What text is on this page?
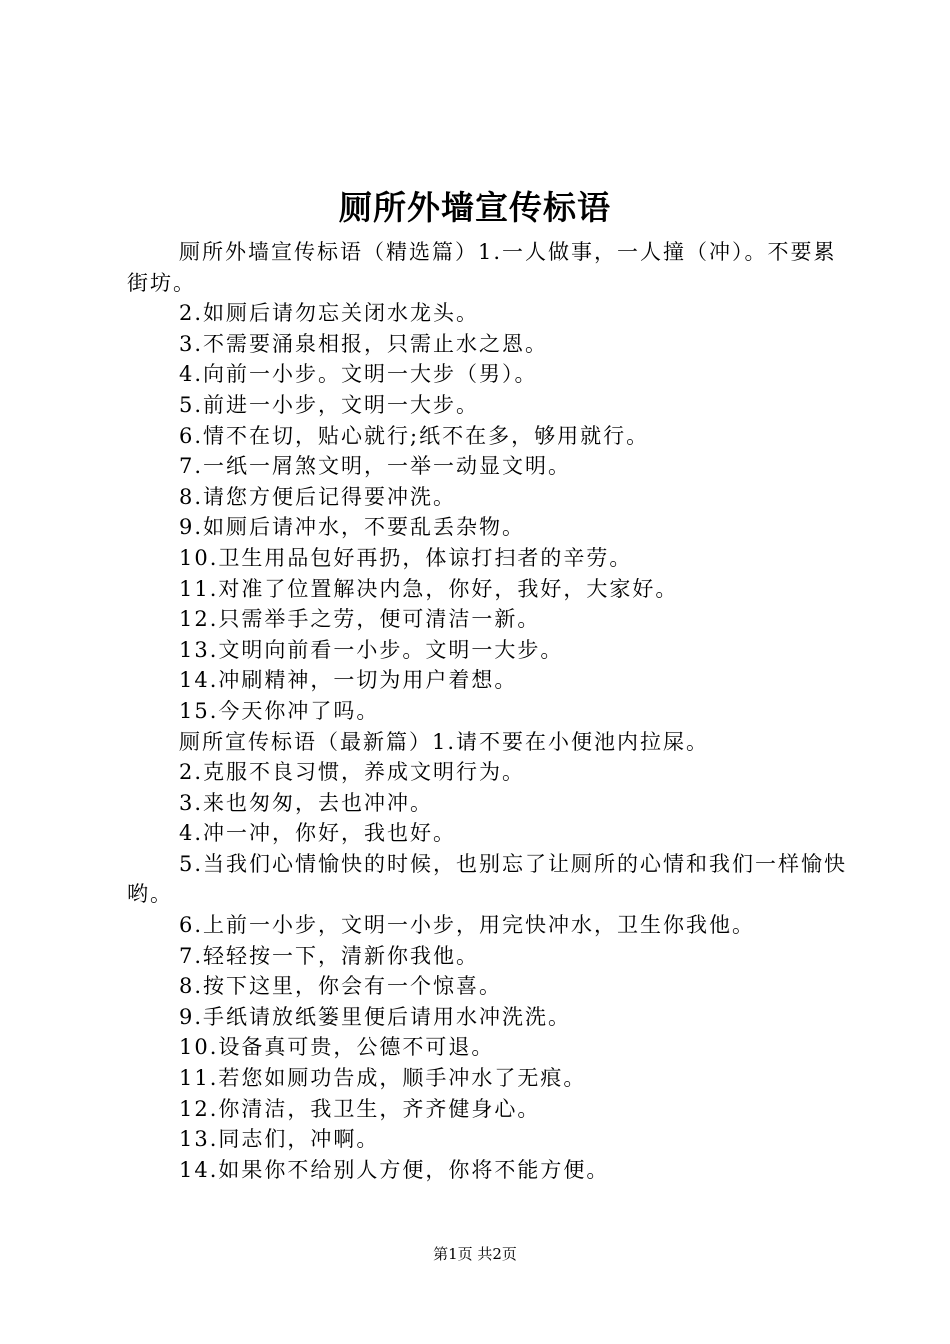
厕所外墙宣传标语

厕所外墙宣传标语（精选篇）1.一人做事，一人撞（冲）。不要累街坊。

2.如厕后请勿忘关闭水龙头。

3.不需要涌泉相报，只需止水之恩。

4.向前一小步。文明一大步（男）。

5.前进一小步，文明一大步。

6.情不在切，贴心就行;纸不在多，够用就行。

7.一纸一屑煞文明，一举一动显文明。

8.请您方便后记得要冲洗。

9.如厕后请冲水，不要乱丢杂物。

10.卫生用品包好再扔，体谅打扫者的辛劳。

11.对准了位置解决内急，你好，我好，大家好。

12.只需举手之劳，便可清洁一新。

13.文明向前看一小步。文明一大步。

14.冲刷精神，一切为用户着想。

15.今天你冲了吗。

厕所宣传标语（最新篇）1.请不要在小便池内拉屎。

2.克服不良习惯，养成文明行为。

3.来也匆匆，去也冲冲。

4.冲一冲，你好，我也好。

5.当我们心情愉快的时候，也别忘了让厕所的心情和我们一样愉快哟。

6.上前一小步，文明一小步，用完快冲水，卫生你我他。

7.轻轻按一下，清新你我他。

8.按下这里，你会有一个惊喜。

9.手纸请放纸篓里便后请用水冲洗洗。

10.设备真可贵，公德不可退。

11.若您如厕功告成，顺手冲水了无痕。

12.你清洁，我卫生，齐齐健身心。

13.同志们，冲啊。

14.如果你不给别人方便，你将不能方便。

第1页 共2页
